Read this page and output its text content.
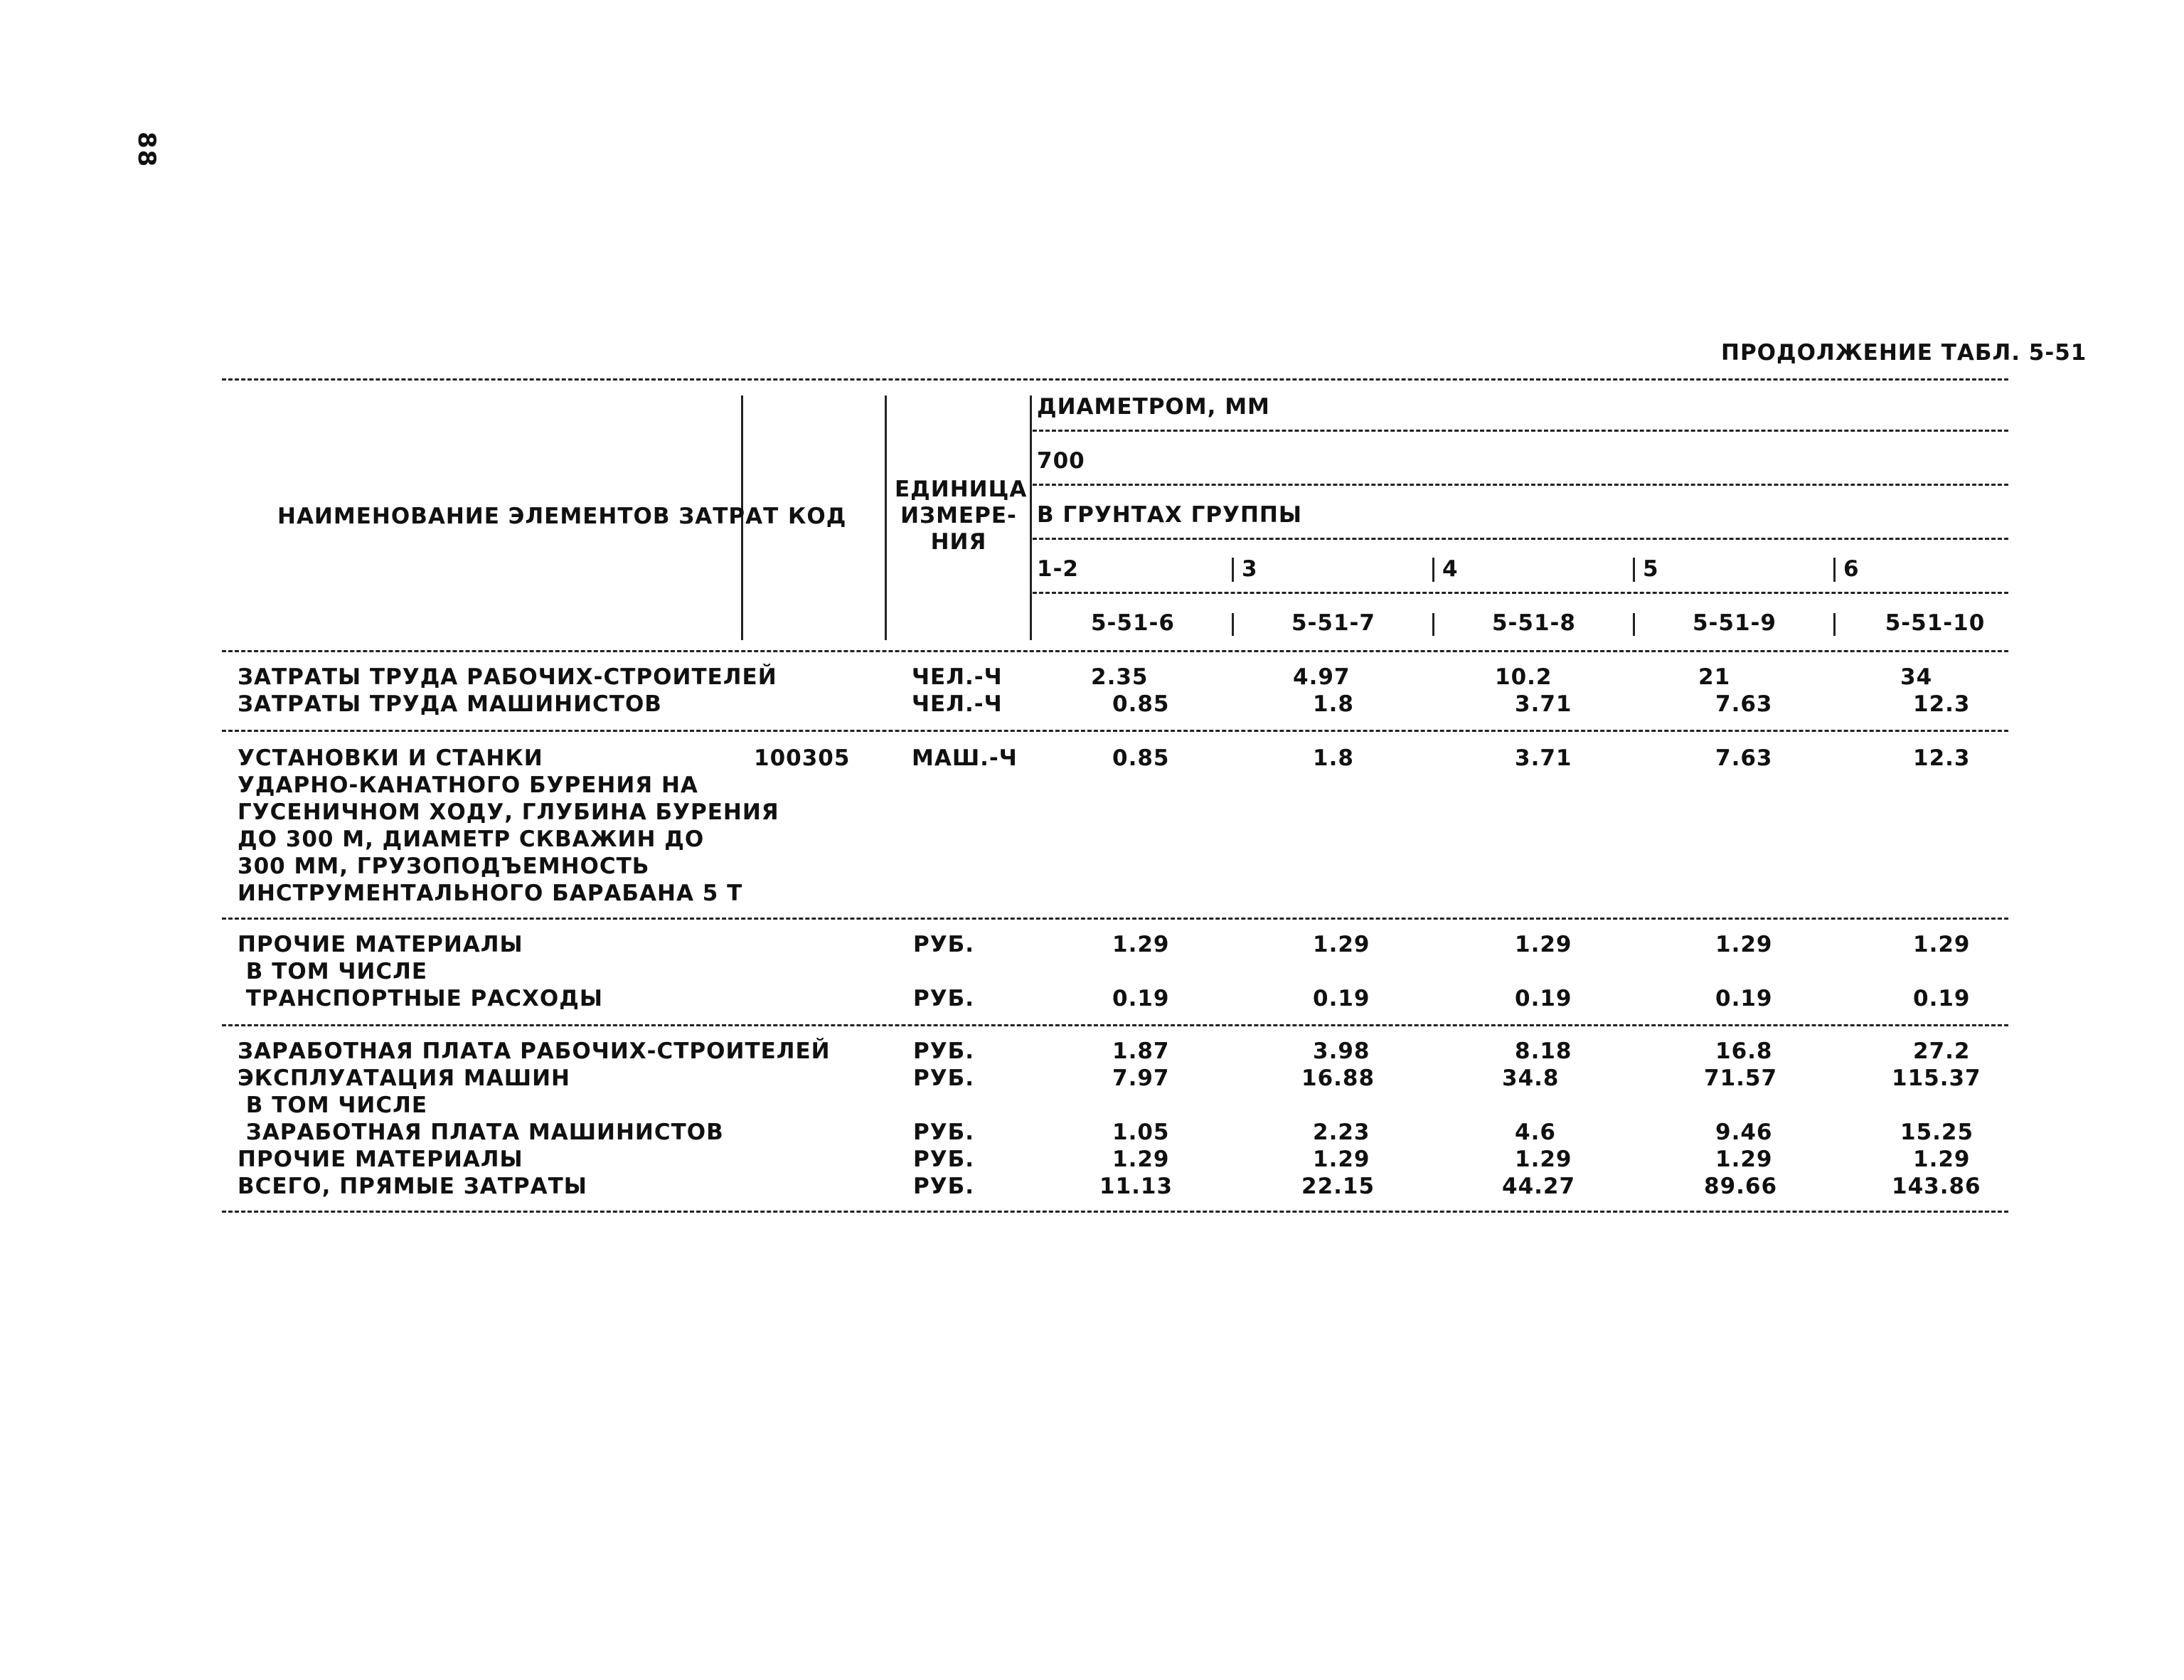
88
ПРОДОЛЖЕНИЕ ТАБЛ. 5-51
НАИМЕНОВАНИЕ ЭЛЕМЕНТОВ ЗАТРАТ КОД
ЕДИНИЦА
ИЗМЕРЕ-
НИЯ
ДИАМЕТРОМ, ММ
700
В ГРУНТАХ ГРУППЫ
1-2	3	4	5	6
5-51-6	5-51-7	5-51-8	5-51-9	5-51-10
ЗАТРАТЫ ТРУДА РАБОЧИХ-СТРОИТЕЛЕЙ	ЧЕЛ.-Ч	2.35	4.97	10.2	21	34
ЗАТРАТЫ ТРУДА МАШИНИСТОВ	ЧЕЛ.-Ч	0.85	1.8	3.71	7.63	12.3
УСТАНОВКИ И СТАНКИ
УДАРНО-КАНАТНОГО БУРЕНИЯ НА
ГУСЕНИЧНОМ ХОДУ, ГЛУБИНА БУРЕНИЯ
ДО 300 М, ДИАМЕТР СКВАЖИН ДО
300 ММ, ГРУЗОПОДЪЕМНОСТЬ
ИНСТРУМЕНТАЛЬНОГО БАРАБАНА 5 Т
100305	МАШ.-Ч	0.85	1.8	3.71	7.63	12.3
ПРОЧИЕ МАТЕРИАЛЫ	РУБ.	1.29	1.29	1.29	1.29	1.29
В ТОМ ЧИСЛЕ
ТРАНСПОРТНЫЕ РАСХОДЫ	РУБ.	0.19	0.19	0.19	0.19	0.19
ЗАРАБОТНАЯ ПЛАТА РАБОЧИХ-СТРОИТЕЛЕЙ	РУБ.	1.87	3.98	8.18	16.8	27.2
ЭКСПЛУАТАЦИЯ МАШИН	РУБ.	7.97	16.88	34.8	71.57	115.37
В ТОМ ЧИСЛЕ
ЗАРАБОТНАЯ ПЛАТА МАШИНИСТОВ	РУБ.	1.05	2.23	4.6	9.46	15.25
ПРОЧИЕ МАТЕРИАЛЫ	РУБ.	1.29	1.29	1.29	1.29	1.29
ВСЕГО, ПРЯМЫЕ ЗАТРАТЫ	РУБ.	11.13	22.15	44.27	89.66	143.86
